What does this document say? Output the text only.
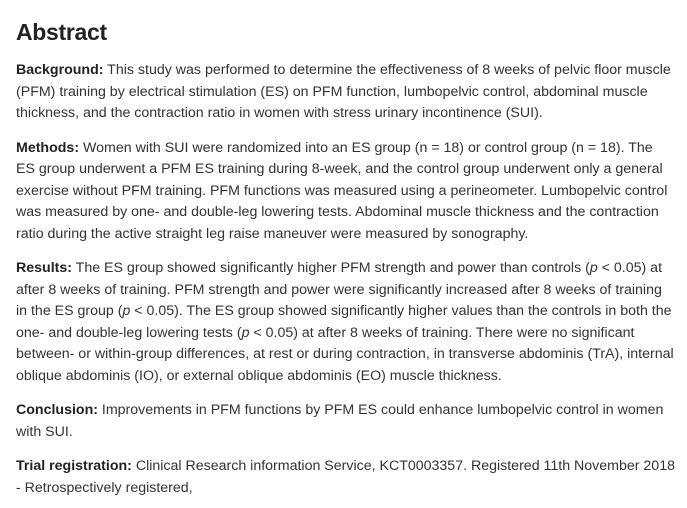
Abstract

Background: This study was performed to determine the effectiveness of 8 weeks of pelvic floor muscle (PFM) training by electrical stimulation (ES) on PFM function, lumbopelvic control, abdominal muscle thickness, and the contraction ratio in women with stress urinary incontinence (SUI).

Methods: Women with SUI were randomized into an ES group (n = 18) or control group (n = 18). The ES group underwent a PFM ES training during 8-week, and the control group underwent only a general exercise without PFM training. PFM functions was measured using a perineometer. Lumbopelvic control was measured by one- and double-leg lowering tests. Abdominal muscle thickness and the contraction ratio during the active straight leg raise maneuver were measured by sonography.

Results: The ES group showed significantly higher PFM strength and power than controls (p < 0.05) at after 8 weeks of training. PFM strength and power were significantly increased after 8 weeks of training in the ES group (p < 0.05). The ES group showed significantly higher values than the controls in both the one- and double-leg lowering tests (p < 0.05) at after 8 weeks of training. There were no significant between- or within-group differences, at rest or during contraction, in transverse abdominis (TrA), internal oblique abdominis (IO), or external oblique abdominis (EO) muscle thickness.

Conclusion: Improvements in PFM functions by PFM ES could enhance lumbopelvic control in women with SUI.

Trial registration: Clinical Research information Service, KCT0003357. Registered 11th November 2018 - Retrospectively registered,
